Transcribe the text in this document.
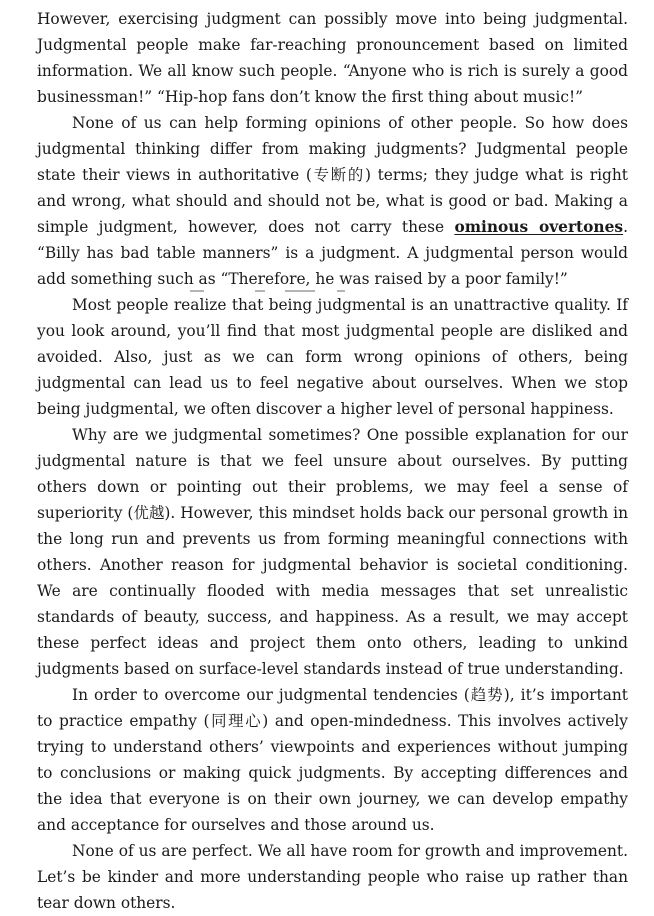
However, exercising judgment can possibly move into being judgmental. Judgmental people make far-reaching pronouncement based on limited information. We all know such people. “Anyone who is rich is surely a good businessman!” “Hip-hop fans don’t know the first thing about music!”

None of us can help forming opinions of other people. So how does judgmental thinking differ from making judgments? Judgmental people state their views in authoritative (专断的) terms; they judge what is right and wrong, what should and should not be, what is good or bad. Making a simple judgment, however, does not carry these ominous overtones. “Billy has bad table manners” is a judgment. A judgmental person would add something such as “Therefore, he was raised by a poor family!”

Most people realize that being judgmental is an unattractive quality. If you look around, you’ll find that most judgmental people are disliked and avoided. Also, just as we can form wrong opinions of others, being judgmental can lead us to feel negative about ourselves. When we stop being judgmental, we often discover a higher level of personal happiness.

Why are we judgmental sometimes? One possible explanation for our judgmental nature is that we feel unsure about ourselves. By putting others down or pointing out their problems, we may feel a sense of superiority (优越). However, this mindset holds back our personal growth in the long run and prevents us from forming meaningful connections with others. Another reason for judgmental behavior is societal conditioning. We are continually flooded with media messages that set unrealistic standards of beauty, success, and happiness. As a result, we may accept these perfect ideas and project them onto others, leading to unkind judgments based on surface-level standards instead of true understanding.

In order to overcome our judgmental tendencies (趋势), it’s important to practice empathy (同理心) and open-mindedness. This involves actively trying to understand others’ viewpoints and experiences without jumping to conclusions or making quick judgments. By accepting differences and the idea that everyone is on their own journey, we can develop empathy and acceptance for ourselves and those around us.

None of us are perfect. We all have room for growth and improvement. Let’s be kinder and more understanding people who raise up rather than tear down others.
